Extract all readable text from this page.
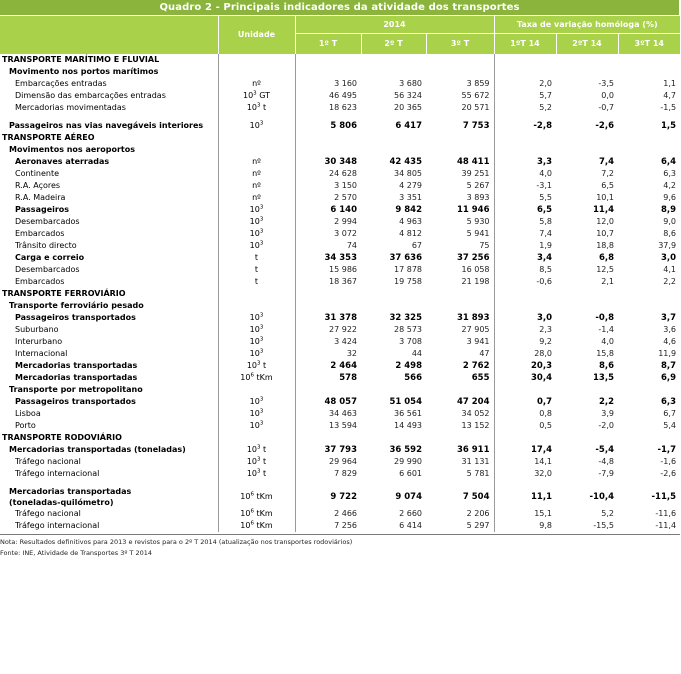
Quadro 2 - Principais indicadores da atividade dos transportes
	Unidade	2014			Taxa de variação homóloga (%)		
		1º T	2º T	3º T	1ºT 14	2ºT 14	3ºT 14
TRANSPORTE MARÍTIMO E FLUVIAL							
Movimento nos portos marítimos							
Embarcações entradas	nº	3 160	3 680	3 859	2,0	-3,5	1,1
Dimensão das embarcações entradas	$10^3$ GT	46 495	56 324	55 672	5,7	0,0	4,7
Mercadorias movimentadas	$10^3$ t	18 623	20 365	20 571	5,2	-0,7	-1,5

Passageiros nas vias navegáveis interiores	$10^3$	5 806	6 417	7 753	-2,8	-2,6	1,5
TRANSPORTE AÉREO							
Movimentos nos aeroportos							
Aeronaves aterradas	nº	30 348	42 435	48 411	3,3	7,4	6,4
Continente	nº	24 628	34 805	39 251	4,0	7,2	6,3
R.A. Açores	nº	3 150	4 279	5 267	-3,1	6,5	4,2
R.A. Madeira	nº	2 570	3 351	3 893	5,5	10,1	9,6
Passageiros	$10^3$	6 140	9 842	11 946	6,5	11,4	8,9
Desembarcados	$10^3$	2 994	4 963	5 930	5,8	12,0	9,0
Embarcados	$10^3$	3 072	4 812	5 941	7,4	10,7	8,6
Trânsito directo	$10^3$	74	67	75	1,9	18,8	37,9
Carga e correio	t	34 353	37 636	37 256	3,4	6,8	3,0
Desembarcados	t	15 986	17 878	16 058	8,5	12,5	4,1
Embarcados	t	18 367	19 758	21 198	-0,6	2,1	2,2
TRANSPORTE FERROVIÁRIO							
Transporte ferroviário pesado							
Passageiros transportados	$10^3$	31 378	32 325	31 893	3,0	-0,8	3,7
Suburbano	$10^3$	27 922	28 573	27 905	2,3	-1,4	3,6
Interurbano	$10^3$	3 424	3 708	3 941	9,2	4,0	4,6
Internacional	$10^3$	32	44	47	28,0	15,8	11,9
Mercadorias transportadas	$10^3$ t	2 464	2 498	2 762	20,3	8,6	8,7
Mercadorias transportadas	$10^6$ tKm	578	566	655	30,4	13,5	6,9
Transporte por metropolitano							
Passageiros transportados	$10^3$	48 057	51 054	47 204	0,7	2,2	6,3
Lisboa	$10^3$	34 463	36 561	34 052	0,8	3,9	6,7
Porto	$10^3$	13 594	14 493	13 152	0,5	-2,0	5,4
TRANSPORTE RODOVIÁRIO							
Mercadorias transportadas (toneladas)	$10^3$ t	37 793	36 592	36 911	17,4	-5,4	-1,7
Tráfego nacional	$10^3$ t	29 964	29 990	31 131	14,1	-4,8	-1,6
Tráfego internacional	$10^3$ t	7 829	6 601	5 781	32,0	-7,9	-2,6

Mercadorias transportadas
(toneladas-quilómetro)	$10^6$ tKm	9 722	9 074	7 504	11,1	-10,4	-11,5
Tráfego nacional	$10^6$ tKm	2 466	2 660	2 206	15,1	5,2	-11,6
Tráfego internacional	$10^6$ tKm	7 256	6 414	5 297	9,8	-15,5	-11,4
Nota: Resultados definitivos para 2013 e revistos para o 2º T 2014 (atualização nos transportes rodoviários)
Fonte: INE, Atividade de Transportes 3º T 2014
